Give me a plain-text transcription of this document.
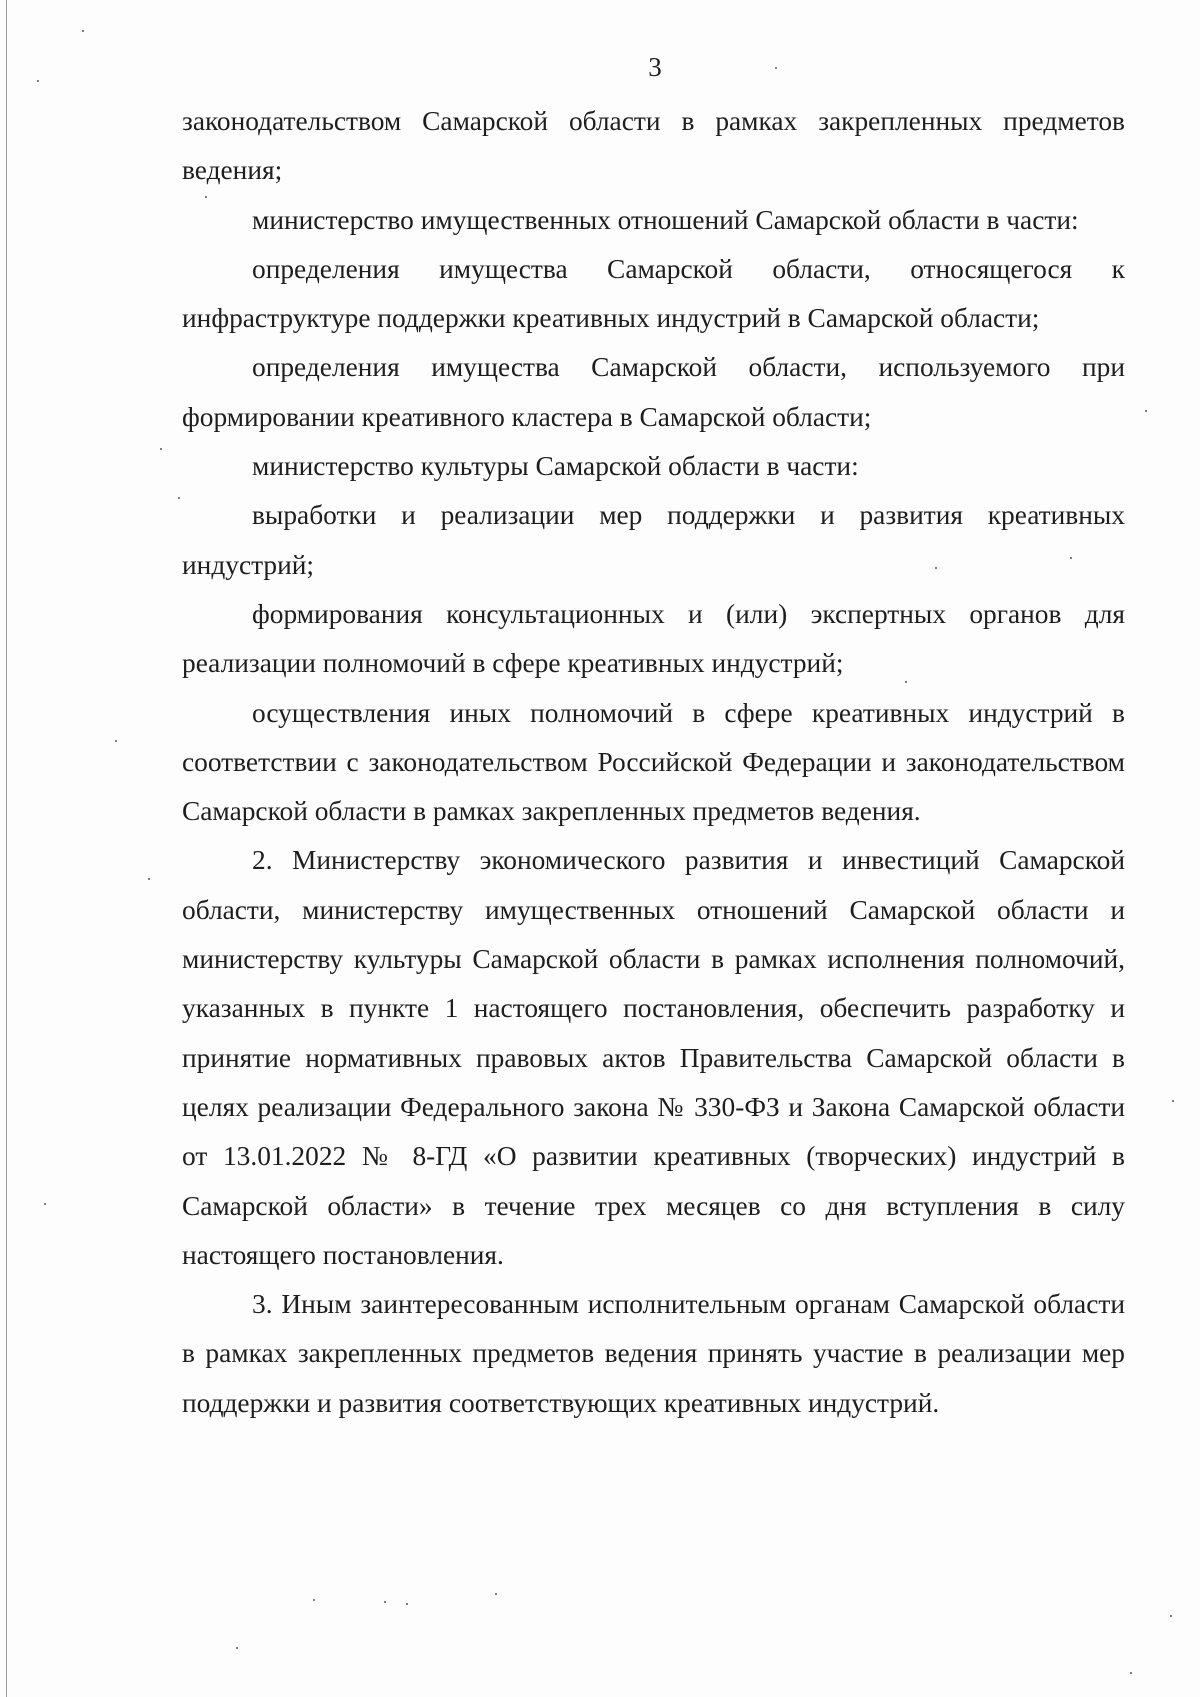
3

законодательством Самарской области в рамках закрепленных предметов ведения;

министерство имущественных отношений Самарской области в части:

определения имущества Самарской области, относящегося к инфраструктуре поддержки креативных индустрий в Самарской области;

определения имущества Самарской области, используемого при формировании креативного кластера в Самарской области;

министерство культуры Самарской области в части:

выработки и реализации мер поддержки и развития креативных индустрий;

формирования консультационных и (или) экспертных органов для реализации полномочий в сфере креативных индустрий;

осуществления иных полномочий в сфере креативных индустрий в соответствии с законодательством Российской Федерации и законодательством Самарской области в рамках закрепленных предметов ведения.

2. Министерству экономического развития и инвестиций Самарской области, министерству имущественных отношений Самарской области и министерству культуры Самарской области в рамках исполнения полномочий, указанных в пункте 1 настоящего постановления, обеспечить разработку и принятие нормативных правовых актов Правительства Самарской области в целях реализации Федерального закона № 330-ФЗ и Закона Самарской области от 13.01.2022 № 8-ГД «О развитии креативных (творческих) индустрий в Самарской области» в течение трех месяцев со дня вступления в силу настоящего постановления.

3. Иным заинтересованным исполнительным органам Самарской области в рамках закрепленных предметов ведения принять участие в реализации мер поддержки и развития соответствующих креативных индустрий.
